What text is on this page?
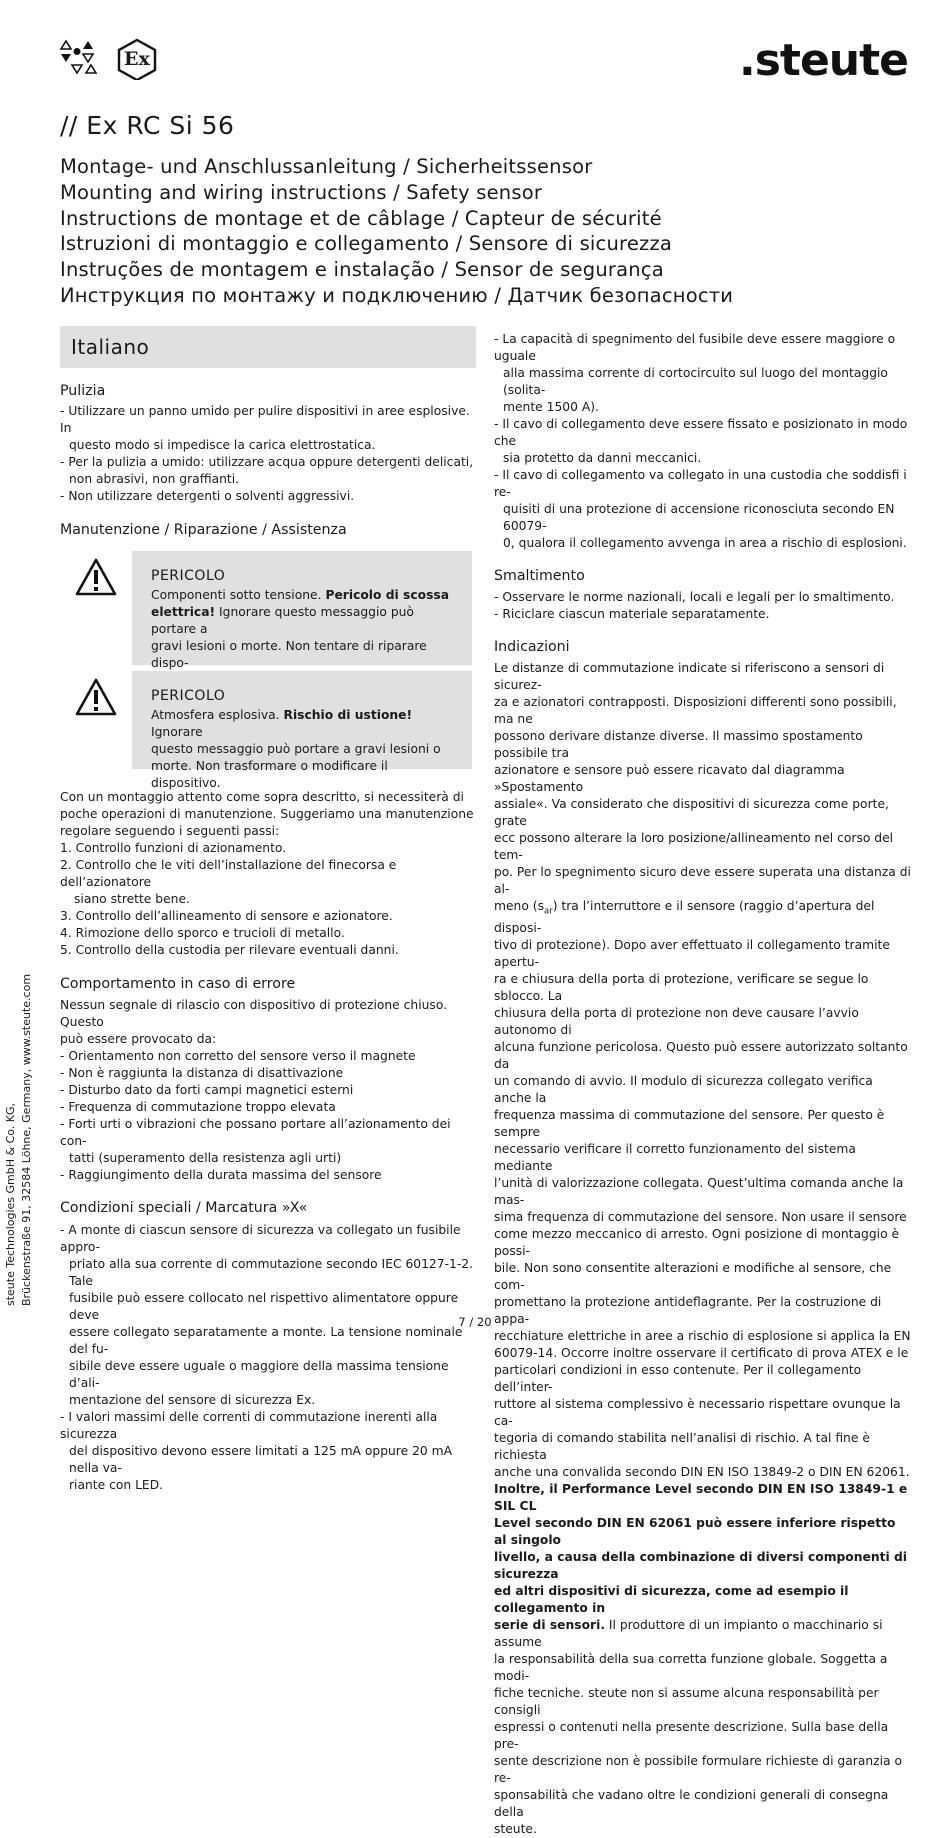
Ex	.steute
// Ex RC Si 56
Montage- und Anschlussanleitung / Sicherheitssensor
Mounting and wiring instructions / Safety sensor
Instructions de montage et de câblage / Capteur de sécurité
Istruzioni di montaggio e collegamento / Sensore di sicurezza
Instruções de montagem e instalação / Sensor de segurança
Инструкция по монтажу и подключению / Датчик безопасности
Italiano
Pulizia
- Utilizzare un panno umido per pulire dispositivi in aree esplosive. In
questo modo si impedisce la carica elettrostatica.
- Per la pulizia a umido: utilizzare acqua oppure detergenti delicati,
non abrasivi, non graffianti.
- Non utilizzare detergenti o solventi aggressivi.
Manutenzione / Riparazione / Assistenza
PERICOLO
Componenti sotto tensione. Pericolo di scossa
elettrica! Ignorare questo messaggio può portare a
gravi lesioni o morte. Non tentare di riparare dispo-
PERICOLO
Atmosfera esplosiva. Rischio di ustione! Ignorare
questo messaggio può portare a gravi lesioni o
morte. Non trasformare o modificare il dispositivo.
Con un montaggio attento come sopra descritto, si necessiterà di
poche operazioni di manutenzione. Suggeriamo una manutenzione
regolare seguendo i seguenti passi:
1. Controllo funzioni di azionamento.
2. Controllo che le viti dell’installazione del finecorsa e dell’azionatore
siano strette bene.
3. Controllo dell’allineamento di sensore e azionatore.
4. Rimozione dello sporco e trucioli di metallo.
5. Controllo della custodia per rilevare eventuali danni.
Comportamento in caso di errore
Nessun segnale di rilascio con dispositivo di protezione chiuso. Questo
può essere provocato da:
- Orientamento non corretto del sensore verso il magnete
- Non è raggiunta la distanza di disattivazione
- Disturbo dato da forti campi magnetici esterni
- Frequenza di commutazione troppo elevata
- Forti urti o vibrazioni che possano portare all’azionamento dei con-
tatti (superamento della resistenza agli urti)
- Raggiungimento della durata massima del sensore
Condizioni speciali / Marcatura »X«
- A monte di ciascun sensore di sicurezza va collegato un fusibile appro-
priato alla sua corrente di commutazione secondo IEC 60127-1-2. Tale
fusibile può essere collocato nel rispettivo alimentatore oppure deve
essere collegato separatamente a monte. La tensione nominale del fu-
sibile deve essere uguale o maggiore della massima tensione d’ali-
mentazione del sensore di sicurezza Ex.
- I valori massimi delle correnti di commutazione inerenti alla sicurezza
del dispositivo devono essere limitati a 125 mA oppure 20 mA nella va-
riante con LED.
- La capacità di spegnimento del fusibile deve essere maggiore o uguale
alla massima corrente di cortocircuito sul luogo del montaggio (solita-
mente 1500 A).
- Il cavo di collegamento deve essere fissato e posizionato in modo che
sia protetto da danni meccanici.
- Il cavo di collegamento va collegato in una custodia che soddisfi i re-
quisiti di una protezione di accensione riconosciuta secondo EN 60079-
0, qualora il collegamento avvenga in area a rischio di esplosioni.
Smaltimento
- Osservare le norme nazionali, locali e legali per lo smaltimento.
- Riciclare ciascun materiale separatamente.
Indicazioni
Le distanze di commutazione indicate si riferiscono a sensori di sicurez-
za e azionatori contrapposti. Disposizioni differenti sono possibili, ma ne
possono derivare distanze diverse. Il massimo spostamento possibile tra
azionatore e sensore può essere ricavato dal diagramma »Spostamento
assiale«. Va considerato che dispositivi di sicurezza come porte, grate
ecc possono alterare la loro posizione/allineamento nel corso del tem-
po. Per lo spegnimento sicuro deve essere superata una distanza di al-
meno $(s_{ar})$ tra l’interruttore e il sensore (raggio d’apertura del disposi-
tivo di protezione). Dopo aver effettuato il collegamento tramite apertu-
ra e chiusura della porta di protezione, verificare se segue lo sblocco. La
chiusura della porta di protezione non deve causare l’avvio autonomo di
alcuna funzione pericolosa. Questo può essere autorizzato soltanto da
un comando di avvio. Il modulo di sicurezza collegato verifica anche la
frequenza massima di commutazione del sensore. Per questo è sempre
necessario verificare il corretto funzionamento del sistema mediante
l’unità di valorizzazione collegata. Quest’ultima comanda anche la mas-
sima frequenza di commutazione del sensore. Non usare il sensore
come mezzo meccanico di arresto. Ogni posizione di montaggio è possi-
bile. Non sono consentite alterazioni e modifiche al sensore, che com-
promettano la protezione antideflagrante. Per la costruzione di appa-
recchiature elettriche in aree a rischio di esplosione si applica la EN
60079-14. Occorre inoltre osservare il certificato di prova ATEX e le
particolari condizioni in esso contenute. Per il collegamento dell’inter-
ruttore al sistema complessivo è necessario rispettare ovunque la ca-
tegoria di comando stabilita nell’analisi di rischio. A tal fine è richiesta
anche una convalida secondo DIN EN ISO 13849-2 o DIN EN 62061.
Inoltre, il Performance Level secondo DIN EN ISO 13849-1 e SIL CL
Level secondo DIN EN 62061 può essere inferiore rispetto al singolo
livello, a causa della combinazione di diversi componenti di sicurezza
ed altri dispositivi di sicurezza, come ad esempio il collegamento in
serie di sensori. Il produttore di un impianto o macchinario si assume
la responsabilità della sua corretta funzione globale. Soggetta a modi-
fiche tecniche. steute non si assume alcuna responsabilità per consigli
espressi o contenuti nella presente descrizione. Sulla base della pre-
sente descrizione non è possibile formulare richieste di garanzia o re-
sponsabilità che vadano oltre le condizioni generali di consegna della
steute.
steute Technologies GmbH & Co. KG, Brückenstraße 91, 32584 Löhne, Germany, www.steute.com
7 / 20
